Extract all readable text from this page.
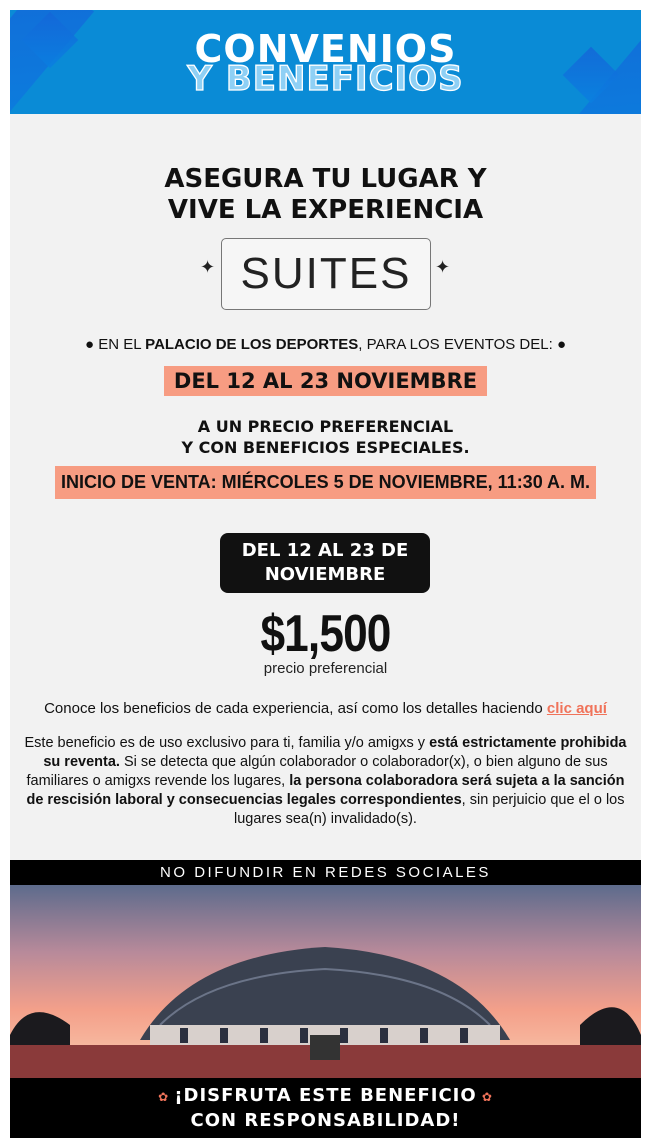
CONVENIOS
Y BENEFICIOS
ASEGURA TU LUGAR Y
VIVE LA EXPERIENCIA
SUITES
✦	✦
● EN EL PALACIO DE LOS DEPORTES, PARA LOS EVENTOS DEL: ●
DEL 12 AL 23 NOVIEMBRE
A UN PRECIO PREFERENCIAL
Y CON BENEFICIOS ESPECIALES.
INICIO DE VENTA: MIÉRCOLES 5 DE NOVIEMBRE, 11:30 A. M.
DEL 12 AL 23 DE
NOVIEMBRE
$1,500
precio preferencial
Conoce los beneficios de cada experiencia, así como los detalles haciendo clic aquí
Este beneficio es de uso exclusivo para ti, familia y/o amigxs y está estrictamente prohibida su reventa. Si se detecta que algún colaborador o colaborador(x), o bien alguno de sus familiares o amigxs revende los lugares, la persona colaboradora será sujeta a la sanción de rescisión laboral y consecuencias legales correspondientes, sin perjuicio que el o los lugares sea(n) invalidado(s).
NO DIFUNDIR EN REDES SOCIALES
✿ ¡DISFRUTA ESTE BENEFICIO ✿
CON RESPONSABILIDAD!
